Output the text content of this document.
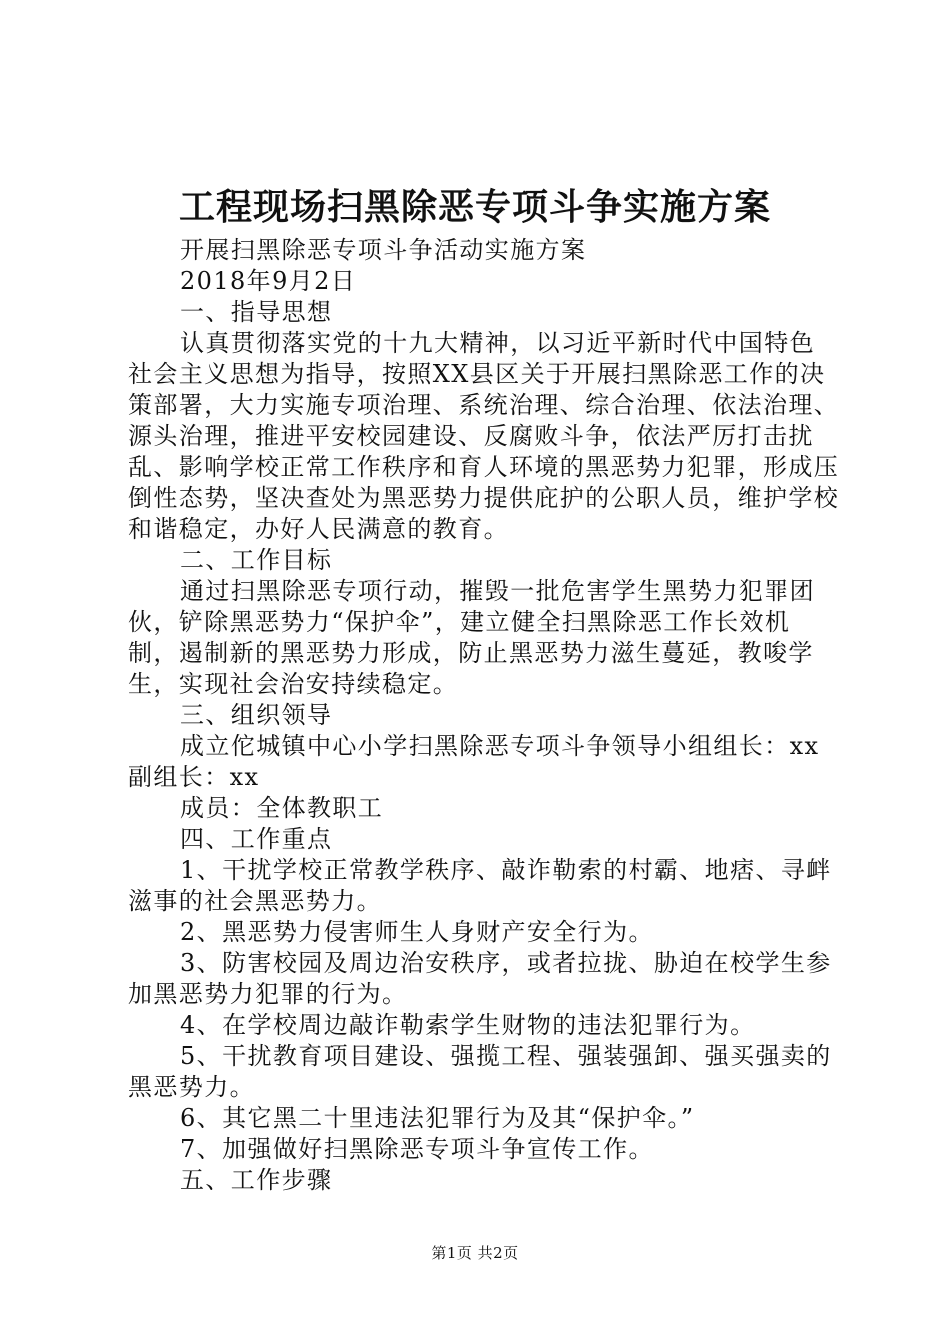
工程现场扫黑除恶专项斗争实施方案

开展扫黑除恶专项斗争活动实施方案

2018年9月2日

一、指导思想

认真贯彻落实党的十九大精神，以习近平新时代中国特色社会主义思想为指导，按照XX县区关于开展扫黑除恶工作的决策部署，大力实施专项治理、系统治理、综合治理、依法治理、源头治理，推进平安校园建设、反腐败斗争，依法严厉打击扰乱、影响学校正常工作秩序和育人环境的黑恶势力犯罪，形成压倒性态势，坚决查处为黑恶势力提供庇护的公职人员，维护学校和谐稳定，办好人民满意的教育。

二、工作目标

通过扫黑除恶专项行动，摧毁一批危害学生黑势力犯罪团伙，铲除黑恶势力“保护伞”，建立健全扫黑除恶工作长效机制，遏制新的黑恶势力形成，防止黑恶势力滋生蔓延，教唆学生，实现社会治安持续稳定。

三、组织领导

成立佗城镇中心小学扫黑除恶专项斗争领导小组组长：xx副组长：xx

成员：全体教职工

四、工作重点

1、干扰学校正常教学秩序、敲诈勒索的村霸、地痞、寻衅滋事的社会黑恶势力。

2、黑恶势力侵害师生人身财产安全行为。

3、防害校园及周边治安秩序，或者拉拢、胁迫在校学生参加黑恶势力犯罪的行为。

4、在学校周边敲诈勒索学生财物的违法犯罪行为。

5、干扰教育项目建设、强揽工程、强装强卸、强买强卖的黑恶势力。

6、其它黑二十里违法犯罪行为及其“保护伞。”

7、加强做好扫黑除恶专项斗争宣传工作。

五、工作步骤

第1页 共2页
